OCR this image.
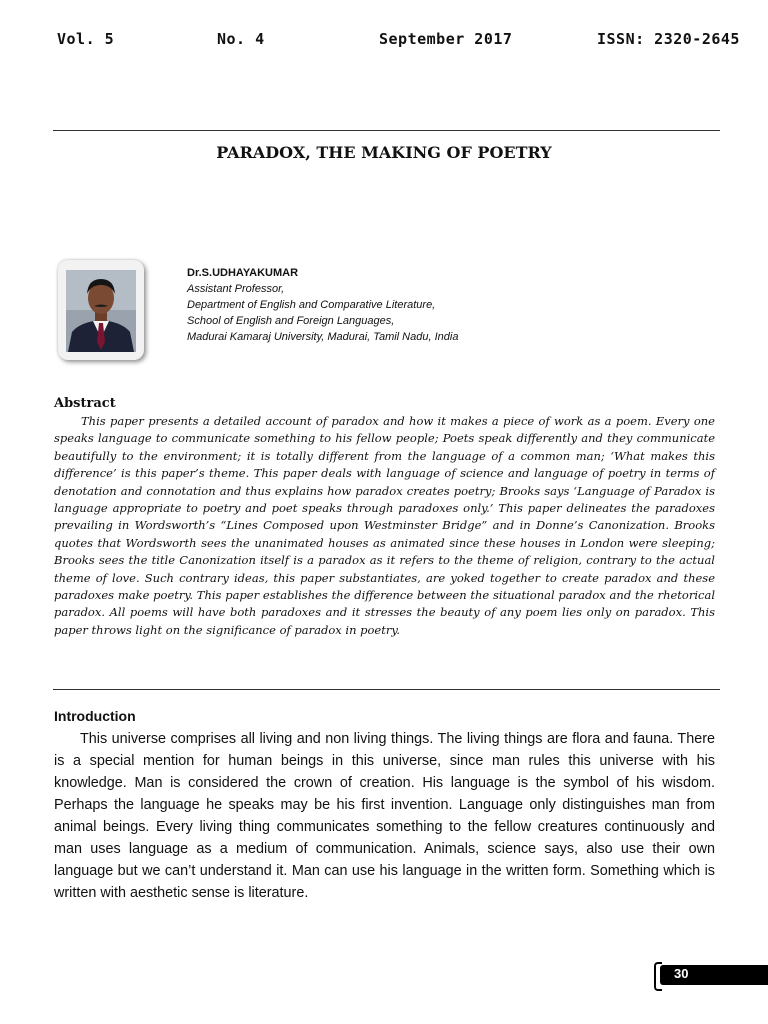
Vol. 5	No. 4	September 2017	ISSN: 2320-2645
PARADOX, THE MAKING OF POETRY
Dr.S.UDHAYAKUMAR
Assistant Professor,
Department of English and Comparative Literature,
School of English and Foreign Languages,
Madurai Kamaraj University, Madurai, Tamil Nadu, India
Abstract

This paper presents a detailed account of paradox and how it makes a piece of work as a poem. Every one speaks language to communicate something to his fellow people; Poets speak differently and they communicate beautifully to the environment; it is totally different from the language of a common man; ‘What makes this difference’ is this paper’s theme. This paper deals with language of science and language of poetry in terms of denotation and connotation and thus explains how paradox creates poetry; Brooks says ‘Language of Paradox is language appropriate to poetry and poet speaks through paradoxes only.’ This paper delineates the paradoxes prevailing in Wordsworth’s “Lines Composed upon Westminster Bridge” and in Donne’s Canonization. Brooks quotes that Wordsworth sees the unanimated houses as animated since these houses in London were sleeping; Brooks sees the title Canonization itself is a paradox as it refers to the theme of religion, contrary to the actual theme of love. Such contrary ideas, this paper substantiates, are yoked together to create paradox and these paradoxes make poetry. This paper establishes the difference between the situational paradox and the rhetorical paradox. All poems will have both paradoxes and it stresses the beauty of any poem lies only on paradox. This paper throws light on the significance of paradox in poetry.

Introduction

This universe comprises all living and non living things. The living things are flora and fauna. There is a special mention for human beings in this universe, since man rules this universe with his knowledge. Man is considered the crown of creation. His language is the symbol of his wisdom. Perhaps the language he speaks may be his first invention. Language only distinguishes man from animal beings. Every living thing communicates something to the fellow creatures continuously and man uses language as a medium of communication. Animals, science says, also use their own language but we can’t understand it. Man can use his language in the written form. Something which is written with aesthetic sense is literature.

30
